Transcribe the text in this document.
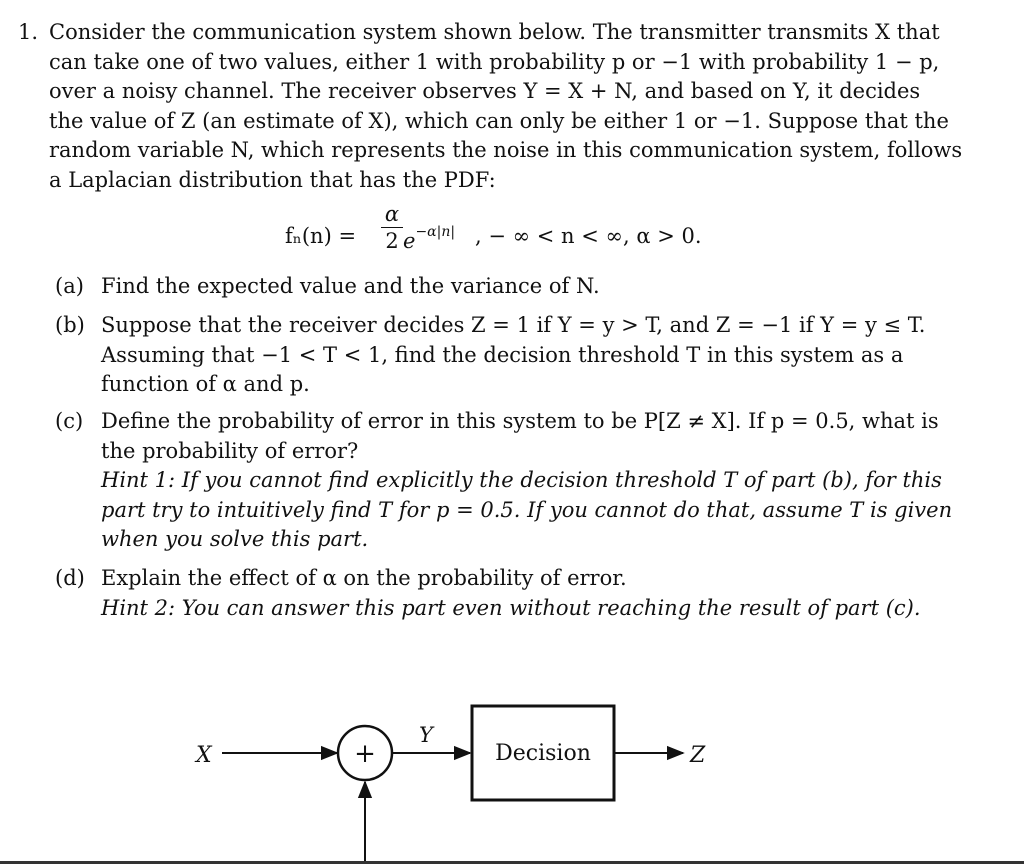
1. Consider the communication system shown below. The transmitter transmits X that
can take one of two values, either 1 with probability p or −1 with probability 1 − p,
over a noisy channel. The receiver observes Y = X + N, and based on Y, it decides
the value of Z (an estimate of X), which can only be either 1 or −1. Suppose that the
random variable N, which represents the noise in this communication system, follows
a Laplacian distribution that has the PDF:
fₙ(n) =
α
2 $e^{-\alpha|n|}$ , − ∞ < n < ∞, α > 0.
(a) Find the expected value and the variance of N.
(b) Suppose that the receiver decides Z = 1 if Y = y > T, and Z = −1 if Y = y ≤ T.
Assuming that −1 < T < 1, find the decision threshold T in this system as a
function of α and p.
(c) Define the probability of error in this system to be P[Z ≠ X]. If p = 0.5, what is
the probability of error?
Hint 1: If you cannot find explicitly the decision threshold T of part (b), for this
part try to intuitively find T for p = 0.5. If you cannot do that, assume T is given
when you solve this part.
(d) Explain the effect of α on the probability of error.
Hint 2: You can answer this part even without reaching the result of part (c).
X	+
Y
Decision	Z
